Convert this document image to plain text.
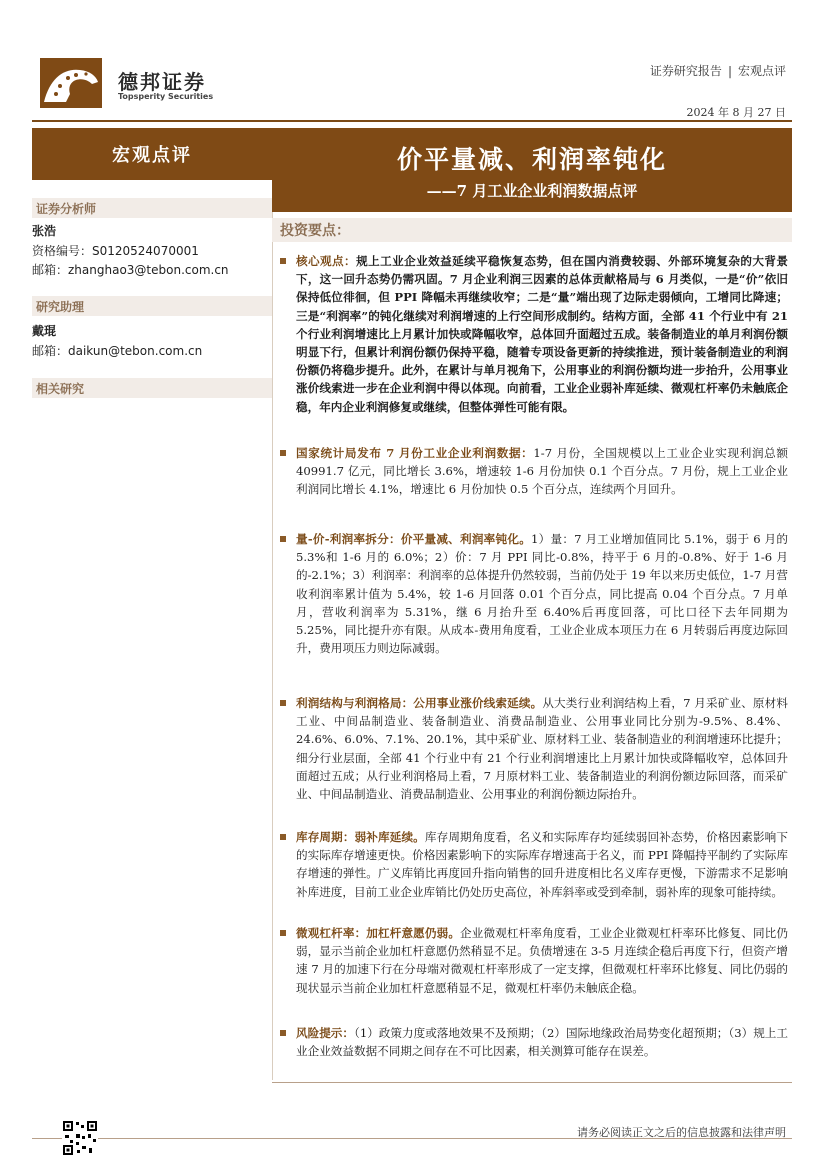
德邦证券
Topsperity Securities
证券研究报告 | 宏观点评
2024 年 8 月 27 日
宏观点评	价平量减、利润率钝化
——7 月工业企业利润数据点评
证券分析师
张浩
资格编号：S0120524070001
邮箱：zhanghao3@tebon.com.cn
研究助理
戴琨
邮箱：daikun@tebon.com.cn
相关研究
投资要点：
核心观点：规上工业企业效益延续平稳恢复态势，但在国内消费较弱、外部环境复杂的大背景下，这一回升态势仍需巩固。7 月企业利润三因素的总体贡献格局与 6 月类似，一是“价”依旧保持低位徘徊，但 PPI 降幅未再继续收窄；二是“量”端出现了边际走弱倾向，工增同比降速；三是“利润率”的钝化继续对利润增速的上行空间形成制约。结构方面，全部 41 个行业中有 21 个行业利润增速比上月累计加快或降幅收窄，总体回升面超过五成。装备制造业的单月利润份额明显下行，但累计利润份额仍保持平稳，随着专项设备更新的持续推进，预计装备制造业的利润份额仍将稳步提升。此外，在累计与单月视角下，公用事业的利润份额均进一步抬升，公用事业涨价线索进一步在企业利润中得以体现。向前看，工业企业弱补库延续、微观杠杆率仍未触底企稳，年内企业利润修复或继续，但整体弹性可能有限。
国家统计局发布 7 月份工业企业利润数据：1-7 月份，全国规模以上工业企业实现利润总额 40991.7 亿元，同比增长 3.6%，增速较 1-6 月份加快 0.1 个百分点。7 月份，规上工业企业利润同比增长 4.1%，增速比 6 月份加快 0.5 个百分点，连续两个月回升。
量-价-利润率拆分：价平量减、利润率钝化。1）量：7 月工业增加值同比 5.1%，弱于 6 月的 5.3%和 1-6 月的 6.0%；2）价：7 月 PPI 同比-0.8%，持平于 6 月的-0.8%、好于 1-6 月的-2.1%；3）利润率：利润率的总体提升仍然较弱，当前仍处于 19 年以来历史低位，1-7 月营收利润率累计值为 5.4%，较 1-6 月回落 0.01 个百分点，同比提高 0.04 个百分点。7 月单月，营收利润率为 5.31%，继 6 月抬升至 6.40%后再度回落，可比口径下去年同期为 5.25%，同比提升亦有限。从成本-费用角度看，工业企业成本项压力在 6 月转弱后再度边际回升，费用项压力则边际减弱。
利润结构与利润格局：公用事业涨价线索延续。从大类行业利润结构上看，7 月采矿业、原材料工业、中间品制造业、装备制造业、消费品制造业、公用事业同比分别为-9.5%、8.4%、24.6%、6.0%、7.1%、20.1%，其中采矿业、原材料工业、装备制造业的利润增速环比提升；细分行业层面，全部 41 个行业中有 21 个行业利润增速比上月累计加快或降幅收窄，总体回升面超过五成；从行业利润格局上看，7 月原材料工业、装备制造业的利润份额边际回落，而采矿业、中间品制造业、消费品制造业、公用事业的利润份额边际抬升。
库存周期：弱补库延续。库存周期角度看，名义和实际库存均延续弱回补态势，价格因素影响下的实际库存增速更快。价格因素影响下的实际库存增速高于名义，而 PPI 降幅持平制约了实际库存增速的弹性。广义库销比再度回升指向销售的回升进度相比名义库存更慢，下游需求不足影响补库进度，目前工业企业库销比仍处历史高位，补库斜率或受到牵制，弱补库的现象可能持续。
微观杠杆率：加杠杆意愿仍弱。企业微观杠杆率角度看，工业企业微观杠杆率环比修复、同比仍弱，显示当前企业加杠杆意愿仍然稍显不足。负债增速在 3-5 月连续企稳后再度下行，但资产增速 7 月的加速下行在分母端对微观杠杆率形成了一定支撑，但微观杠杆率环比修复、同比仍弱的现状显示当前企业加杠杆意愿稍显不足，微观杠杆率仍未触底企稳。
风险提示：（1）政策力度或落地效果不及预期；（2）国际地缘政治局势变化超预期；（3）规上工业企业效益数据不同期之间存在不可比因素，相关测算可能存在误差。
请务必阅读正文之后的信息披露和法律声明
